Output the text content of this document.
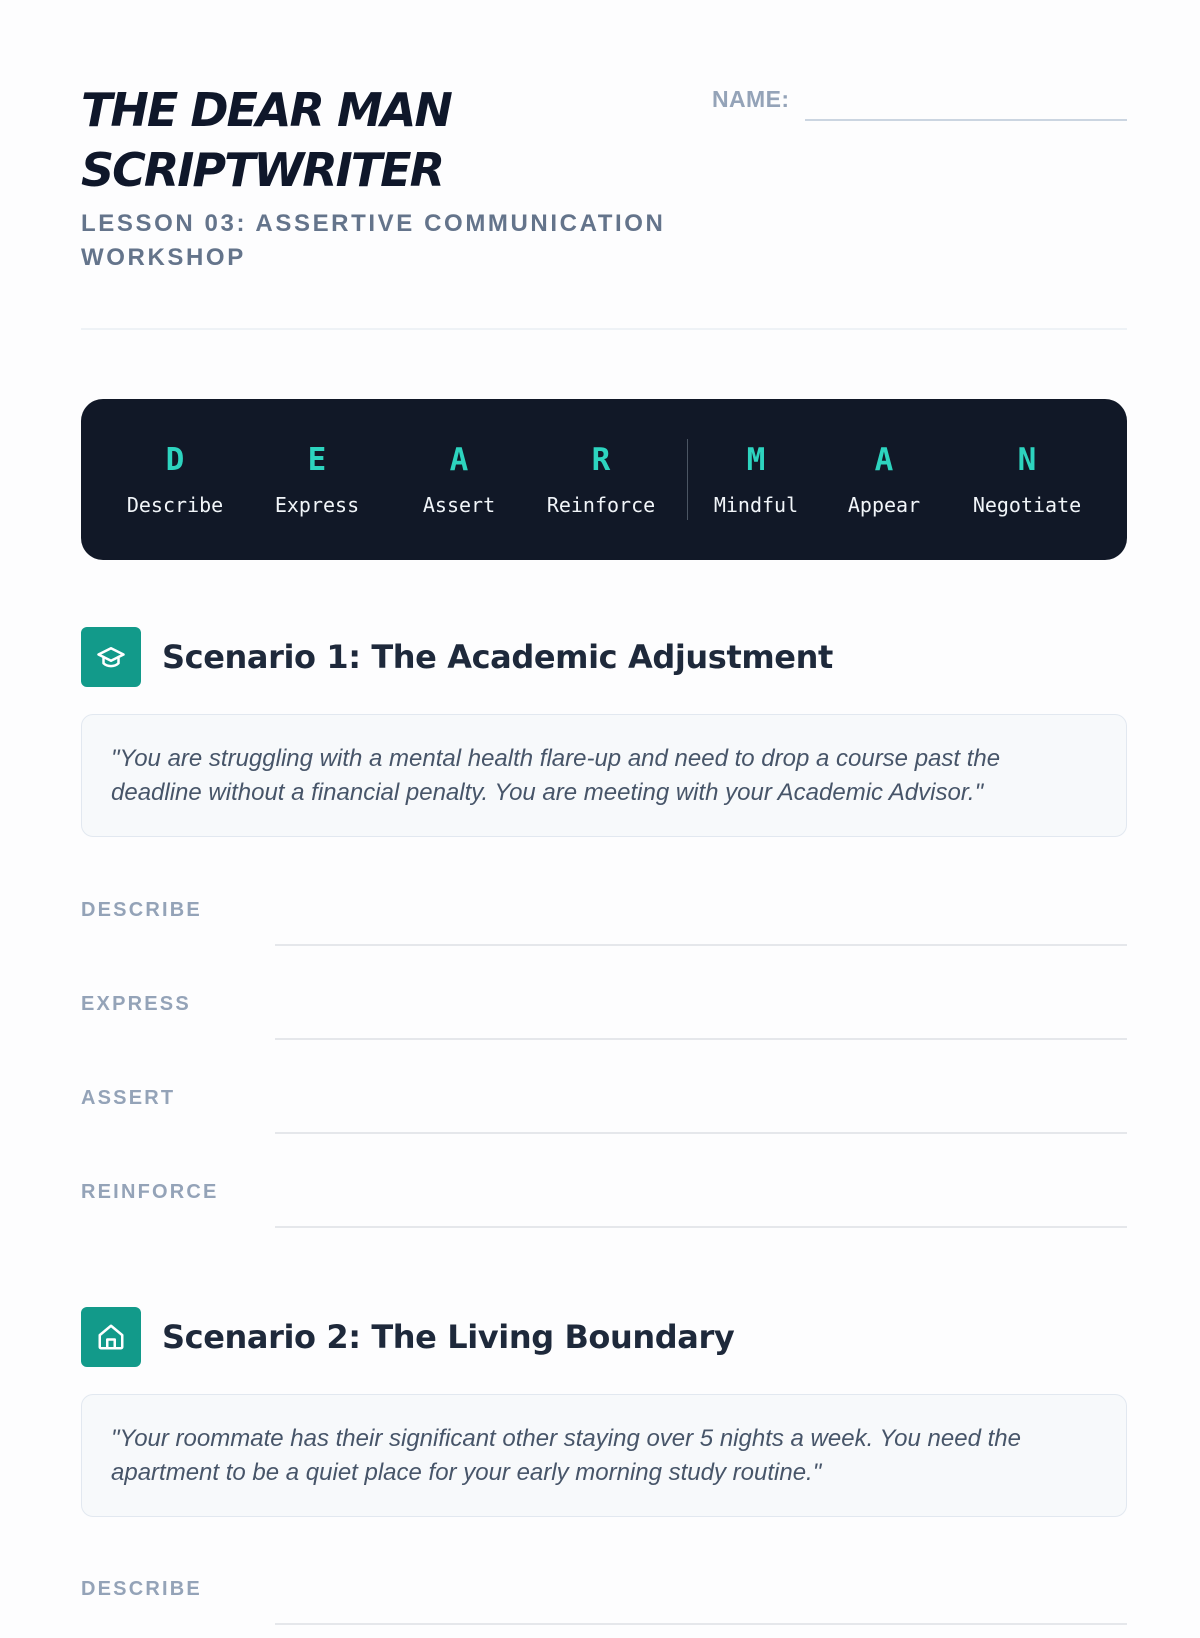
THE DEAR MAN SCRIPTWRITER
LESSON 03: ASSERTIVE COMMUNICATION WORKSHOP
NAME:
D
Describe
E
Express
A
Assert
R
Reinforce
M
Mindful
A
Appear
N
Negotiate
Scenario 1: The Academic Adjustment

"You are struggling with a mental health flare-up and need to drop a course past the deadline without a financial penalty. You are meeting with your Academic Advisor."

DESCRIBE
EXPRESS
ASSERT
REINFORCE
Scenario 2: The Living Boundary

"Your roommate has their significant other staying over 5 nights a week. You need the apartment to be a quiet place for your early morning study routine."

DESCRIBE
